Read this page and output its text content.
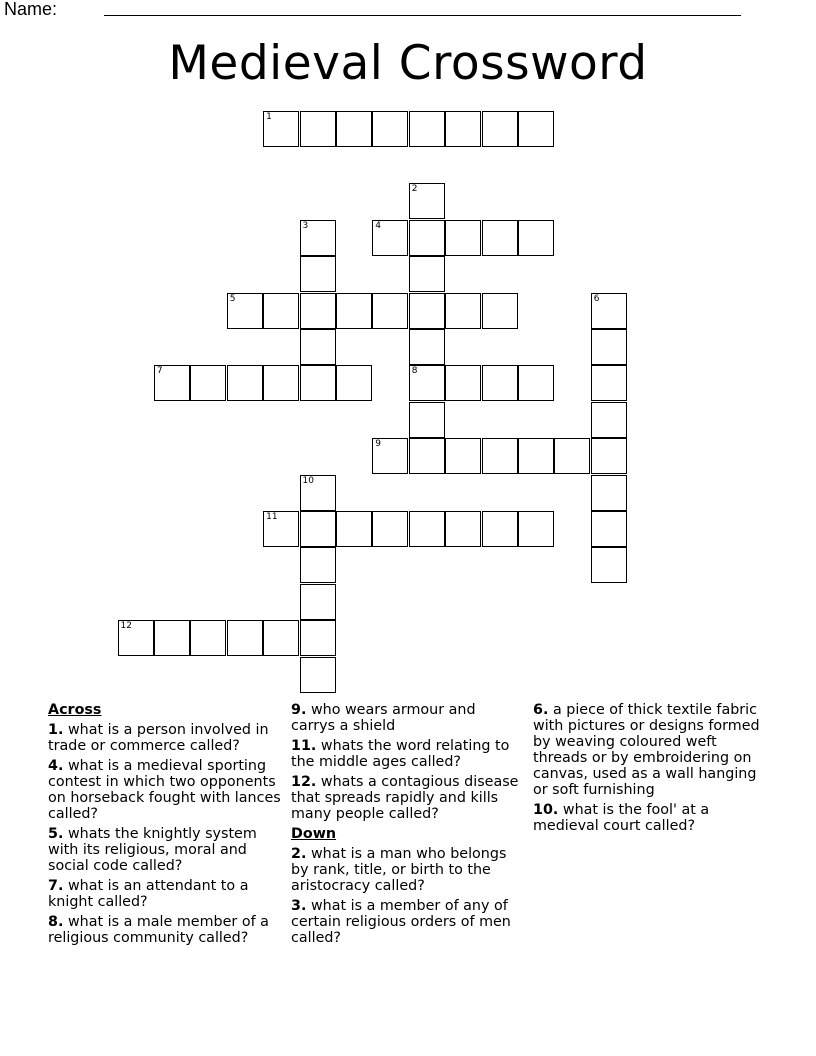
Name:
Medieval Crossword
1
2
8
3	4
5	6
7
9
10
11
12
Across
1. what is a person involved in trade or commerce called?
4. what is a medieval sporting contest in which two opponents on horseback fought with lances called?
5. whats the knightly system with its religious, moral and social code called?
7. what is an attendant to a knight called?
8. what is a male member of a religious community called?
9. who wears armour and carrys a shield
11. whats the word relating to the middle ages called?
12. whats a contagious disease that spreads rapidly and kills many people called?
Down
2. what is a man who belongs by rank, title, or birth to the aristocracy called?
3. what is a member of any of certain religious orders of men called?
6. a piece of thick textile fabric with pictures or designs formed by weaving coloured weft threads or by embroidering on canvas, used as a wall hanging or soft furnishing
10. what is the fool' at a medieval court called?
